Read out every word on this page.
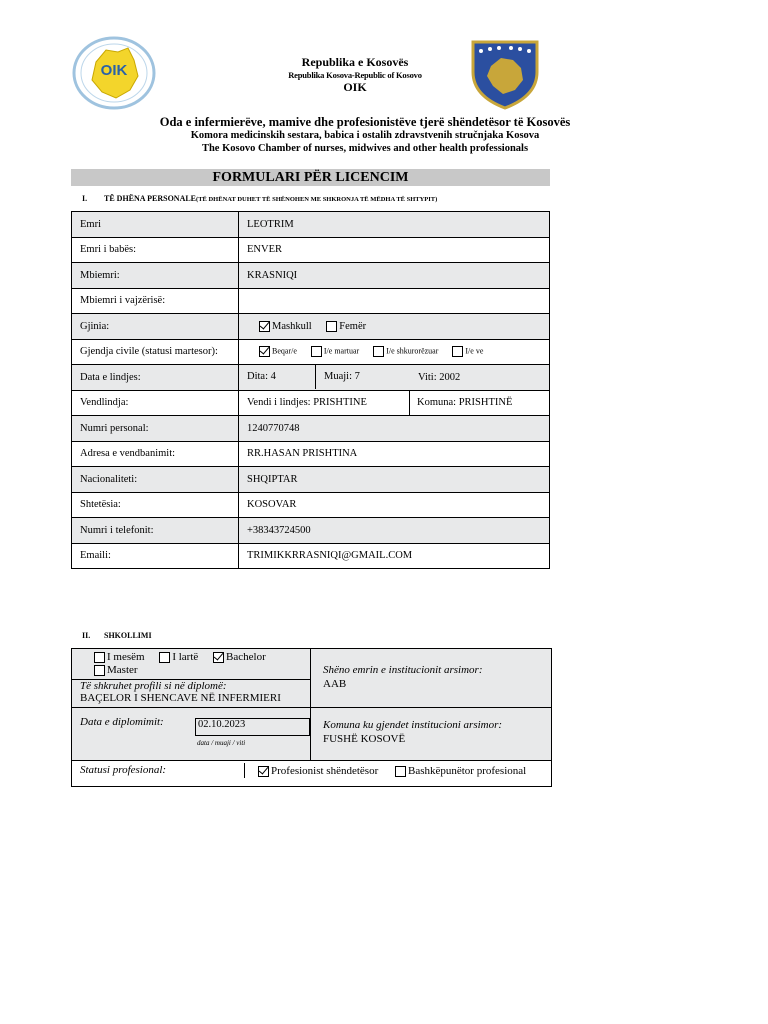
OIK	Republika e Kosovës
Republika Kosova-Republic of Kosovo
OIK
Oda e infermierëve, mamive dhe profesionistëve tjerë shëndetësor të Kosovës
Komora medicinskih sestara, babica i ostalih zdravstvenih stručnjaka Kosova
The Kosovo Chamber of nurses, midwives and other health professionals
FORMULARI PËR LICENCIM
I. TË DHËNA PERSONALE(TË DHËNAT DUHET TË SHËNOHEN ME SHKRONJA TË MËDHA TË SHTYPIT)
Emri	LEOTRIM
Emri i babës:	ENVER
Mbiemri:	KRASNIQI
Mbiemri i vajzërisë:	
Gjinia:	Mashkull Femër
Gjendja civile (statusi martesor):	Beqar/e I/e martuar I/e shkurorëzuar I/e ve
Data e lindjes:	Dita: 4 Muaji: 7 Viti: 2002

Vendlindja:	Vendi i lindjes: PRISHTINE Komuna: PRISHTINË

Numri personal:	1240770748
Adresa e vendbanimit:	RR.HASAN PRISHTINA
Nacionaliteti:	SHQIPTAR
Shtetësia:	KOSOVAR
Numri i telefonit:	+38343724500
Emaili:	TRIMIKKRRASNIQI@GMAIL.COM
II. SHKOLLIMI
I mesëm	I lartë	Bachelor
Master
Të shkruhet profili si në diplomë:
BAÇELOR I SHENCAVE NË INFERMIERI
Shëno emrin e institucionit arsimor:
AAB
Data e diplomimit:	02.10.2023
data / muaji / viti
Komuna ku gjendet institucioni arsimor:
FUSHË KOSOVË
Statusi profesional:	Profesionist shëndetësor	Bashkëpunëtor profesional
